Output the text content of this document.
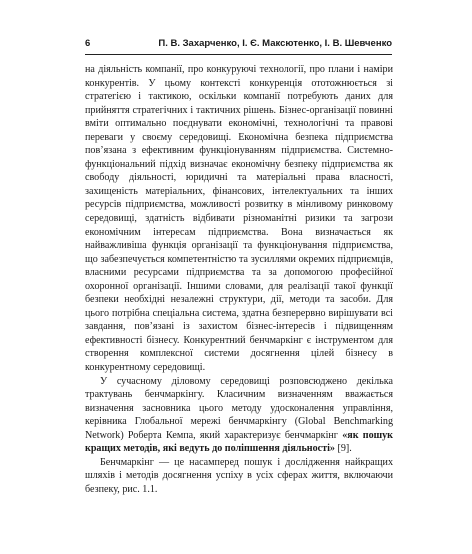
6	П. В. Захарченко, І. Є. Максютенко, І. В. Шевченко

на діяльність компанії, про конкуруючі технології, про плани і наміри конкурентів. У цьому контексті конкуренція ототожнюється зі стратегією і тактикою, оскільки компанії потребують даних для прийняття стратегічних і тактичних рішень. Бізнес-організації повинні вміти оптимально поєднувати економічні, технологічні та правові переваги у своєму середовищі. Економічна безпека підприємства пов’язана з ефективним функціонуванням підприємства. Системно-функціональний підхід визначає економічну безпеку підприємства як свободу діяльності, юридичні та матеріальні права власності, захищеність матеріальних, фінансових, інтелектуальних та інших ресурсів підприємства, можливості розвитку в мінливому ринковому середовищі, здатність відбивати різноманітні ризики та загрози економічним інтересам підприємства. Вона визначається як найважливіша функція організації та функціонування підприємства, що забезпечується компетентністю та зусиллями окремих підприємців, власними ресурсами підприємства та за допомогою професійної охоронної організації. Іншими словами, для реалізації такої функції безпеки необхідні незалежні структури, дії, методи та засоби. Для цього потрібна спеціальна система, здатна безперервно вирішувати всі завдання, пов’язані із захистом бізнес-інтересів і підвищенням ефективності бізнесу. Конкурентний бенчмаркінг є інструментом для створення комплексної системи досягнення цілей бізнесу в конкурентному середовищі.

У сучасному діловому середовищі розповсюджено декілька трактувань бенчмаркінгу. Класичним визначенням вважається визначення засновника цього методу удосконалення управління, керівника Глобальної мережі бенчмаркінгу (Global Benchmarking Network) Роберта Кемпа, який характеризує бенчмаркінг «як пошук кращих методів, які ведуть до поліпшення діяльності» [9].

Бенчмаркінг — це насамперед пошук і дослідження найкращих шляхів і методів досягнення успіху в усіх сферах життя, включаючи безпеку, рис. 1.1.
